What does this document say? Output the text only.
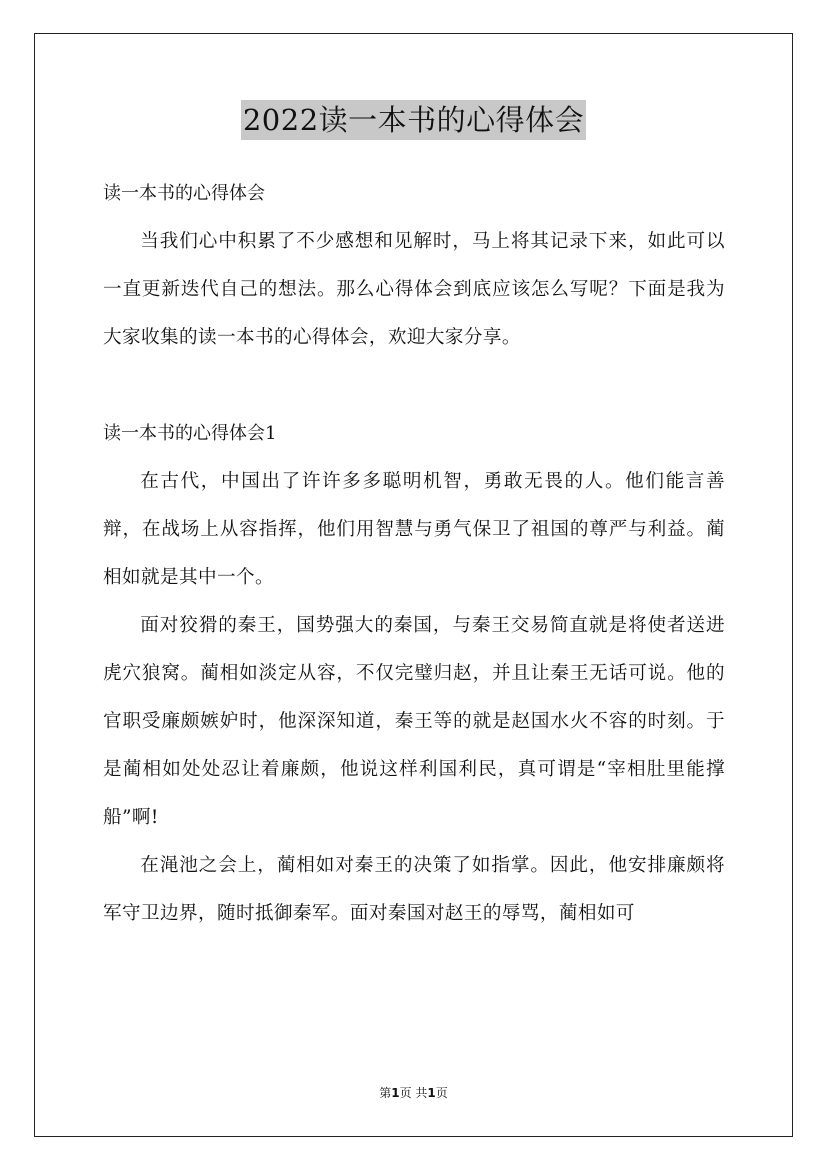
2022读一本书的心得体会

读一本书的心得体会

当我们心中积累了不少感想和见解时，马上将其记录下来，如此可以一直更新迭代自己的想法。那么心得体会到底应该怎么写呢？下面是我为大家收集的读一本书的心得体会，欢迎大家分享。

读一本书的心得体会1

在古代，中国出了许许多多聪明机智，勇敢无畏的人。他们能言善辩，在战场上从容指挥，他们用智慧与勇气保卫了祖国的尊严与利益。蔺相如就是其中一个。

面对狡猾的秦王，国势强大的秦国，与秦王交易简直就是将使者送进虎穴狼窝。蔺相如淡定从容，不仅完璧归赵，并且让秦王无话可说。他的官职受廉颇嫉妒时，他深深知道，秦王等的就是赵国水火不容的时刻。于是蔺相如处处忍让着廉颇，他说这样利国利民，真可谓是“宰相肚里能撑船”啊!

在渑池之会上，蔺相如对秦王的决策了如指掌。因此，他安排廉颇将军守卫边界，随时抵御秦军。面对秦国对赵王的辱骂，蔺相如可

第1页 共1页
